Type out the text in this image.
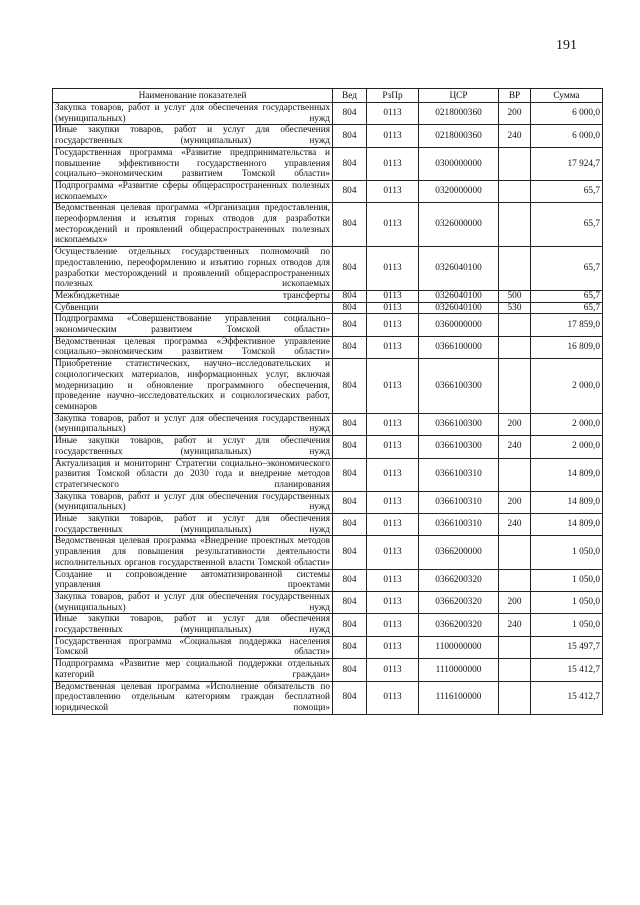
191
Наименование показателей	Вед	РзПр	ЦСР	ВР	Сумма
Закупка товаров, работ и услуг для обеспечения государственных (муниципальных) нужд	804	0113	0218000360	200	6 000,0
Иные закупки товаров, работ и услуг для обеспечения государственных (муниципальных) нужд	804	0113	0218000360	240	6 000,0
Государственная программа «Развитие предпринимательства и повышение эффективности государственного управления социально–экономическим развитием Томской области»	804	0113	0300000000		17 924,7
Подпрограмма «Развитие сферы общераспространенных полезных ископаемых»	804	0113	0320000000		65,7
Ведомственная целевая программа «Организация предоставления, переоформления и изъятия горных отводов для разработки месторождений и проявлений общераспространенных полезных ископаемых»	804	0113	0326000000		65,7
Осуществление отдельных государственных полномочий по предоставлению, переоформлению и изъятию горных отводов для разработки месторождений и проявлений общераспространенных полезных ископаемых	804	0113	0326040100		65,7
Межбюджетные трансферты	804	0113	0326040100	500	65,7
Субвенции	804	0113	0326040100	530	65,7
Подпрограмма «Совершенствование управления социально–экономическим развитием Томской области»	804	0113	0360000000		17 859,0
Ведомственная целевая программа «Эффективное управление социально–экономическим развитием Томской области»	804	0113	0366100000		16 809,0
Приобретение статистических, научно–исследовательских и социологических материалов, информационных услуг, включая модернизацию и обновление программного обеспечения, проведение научно–исследовательских и социологических работ, семинаров	804	0113	0366100300		2 000,0
Закупка товаров, работ и услуг для обеспечения государственных (муниципальных) нужд	804	0113	0366100300	200	2 000,0
Иные закупки товаров, работ и услуг для обеспечения государственных (муниципальных) нужд	804	0113	0366100300	240	2 000,0
Актуализация и мониторинг Стратегии социально–экономического развития Томской области до 2030 года и внедрение методов стратегического планирования	804	0113	0366100310		14 809,0
Закупка товаров, работ и услуг для обеспечения государственных (муниципальных) нужд	804	0113	0366100310	200	14 809,0
Иные закупки товаров, работ и услуг для обеспечения государственных (муниципальных) нужд	804	0113	0366100310	240	14 809,0
Ведомственная целевая программа «Внедрение проектных методов управления для повышения результативности деятельности исполнительных органов государственной власти Томской области»	804	0113	0366200000		1 050,0
Создание и сопровождение автоматизированной системы управления проектами	804	0113	0366200320		1 050,0
Закупка товаров, работ и услуг для обеспечения государственных (муниципальных) нужд	804	0113	0366200320	200	1 050,0
Иные закупки товаров, работ и услуг для обеспечения государственных (муниципальных) нужд	804	0113	0366200320	240	1 050,0
Государственная программа «Социальная поддержка населения Томской области»	804	0113	1100000000		15 497,7
Подпрограмма «Развитие мер социальной поддержки отдельных категорий граждан»	804	0113	1110000000		15 412,7
Ведомственная целевая программа «Исполнение обязательств по предоставлению отдельным категориям граждан бесплатной юридической помощи»	804	0113	1116100000		15 412,7
